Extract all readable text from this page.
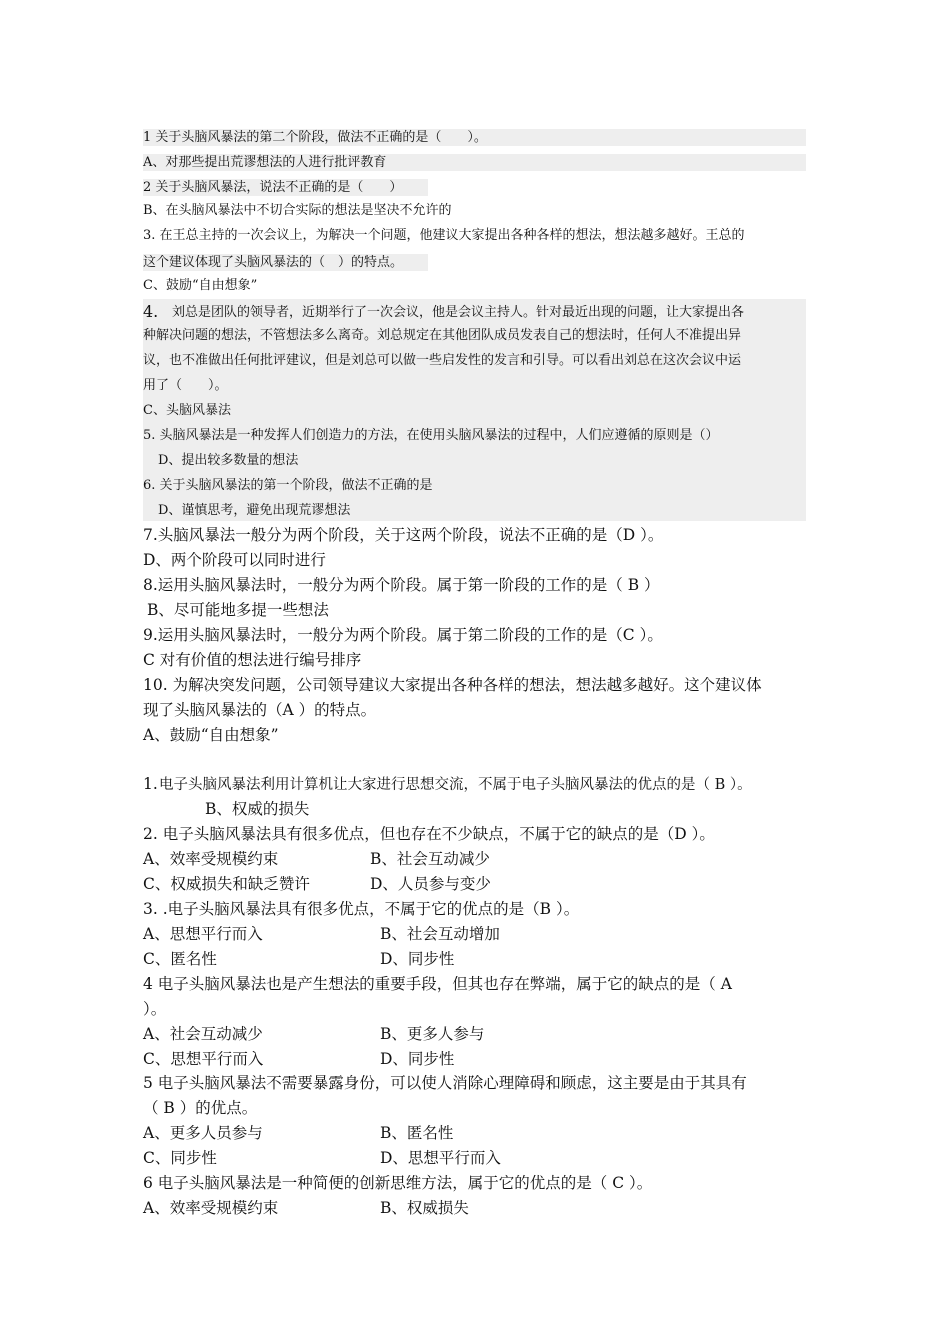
1 关于头脑风暴法的第二个阶段，做法不正确的是（　　）。
A、对那些提出荒谬想法的人进行批评教育
2 关于头脑风暴法，说法不正确的是（　　）
B、在头脑风暴法中不切合实际的想法是坚决不允许的
3. 在王总主持的一次会议上，为解决一个问题，他建议大家提出各种各样的想法，想法越多越好。王总的
这个建议体现了头脑风暴法的（　）的特点。
C、鼓励“自由想象”
4. 刘总是团队的领导者，近期举行了一次会议，他是会议主持人。针对最近出现的问题，让大家提出各
种解决问题的想法，不管想法多么离奇。刘总规定在其他团队成员发表自己的想法时，任何人不准提出异
议，也不准做出任何批评建议，但是刘总可以做一些启发性的发言和引导。可以看出刘总在这次会议中运
用了（　　）。
C、头脑风暴法
5. 头脑风暴法是一种发挥人们创造力的方法，在使用头脑风暴法的过程中，人们应遵循的原则是（）
D、提出较多数量的想法
6. 关于头脑风暴法的第一个阶段，做法不正确的是
D、谨慎思考，避免出现荒谬想法
7.头脑风暴法一般分为两个阶段，关于这两个阶段，说法不正确的是（D ）。
D、两个阶段可以同时进行
8.运用头脑风暴法时，一般分为两个阶段。属于第一阶段的工作的是（ B ）
B、尽可能地多提一些想法
9.运用头脑风暴法时，一般分为两个阶段。属于第二阶段的工作的是（C ）。
C 对有价值的想法进行编号排序
10. 为解决突发问题，公司领导建议大家提出各种各样的想法，想法越多越好。这个建议体
现了头脑风暴法的（A ）的特点。
A、鼓励“自由想象”
1. 电子头脑风暴法利用计算机让大家进行思想交流，不属于电子头脑风暴法的优点的是（ B ）。
B、权威的损失
2. 电子头脑风暴法具有很多优点，但也存在不少缺点，不属于它的缺点的是（D ）。
A、效率受规模约束	B、社会互动减少
C、权威损失和缺乏赞许	D、人员参与变少
3. .电子头脑风暴法具有很多优点，不属于它的优点的是（B ）。
A、思想平行而入	B、社会互动增加
C、匿名性	D、同步性
4 电子头脑风暴法也是产生想法的重要手段，但其也存在弊端，属于它的缺点的是（ A
）。
A、社会互动减少	B、更多人参与
C、思想平行而入	D、同步性
5 电子头脑风暴法不需要暴露身份，可以使人消除心理障碍和顾虑，这主要是由于其具有
（ B ）的优点。
A、更多人员参与	B、匿名性
C、同步性	D、思想平行而入
6 电子头脑风暴法是一种简便的创新思维方法，属于它的优点的是（ C ）。
A、效率受规模约束	B、权威损失
